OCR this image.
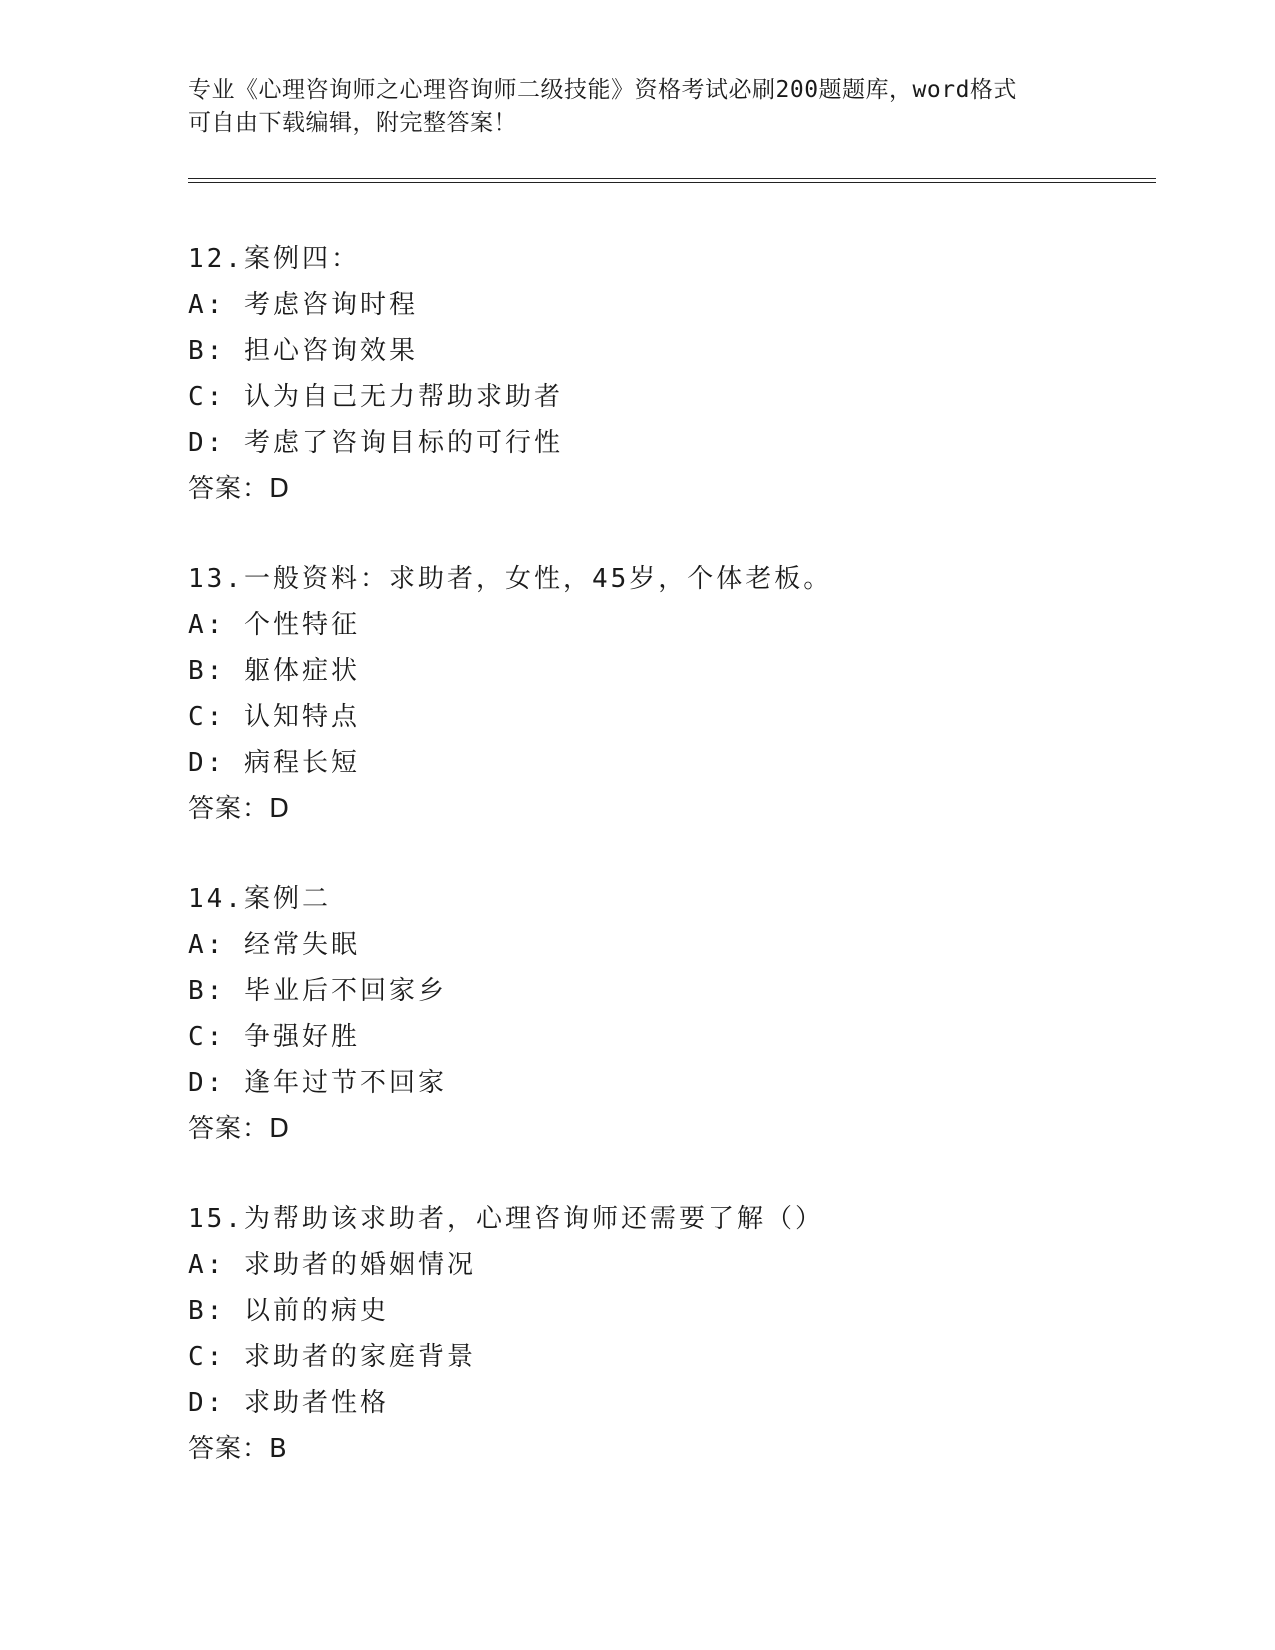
专业《心理咨询师之心理咨询师二级技能》资格考试必刷200题题库，word格式
可自由下载编辑，附完整答案！
12.案例四：
A: 考虑咨询时程
B: 担心咨询效果
C: 认为自己无力帮助求助者
D: 考虑了咨询目标的可行性
答案：D
13.一般资料：求助者，女性，45岁，个体老板。
A: 个性特征
B: 躯体症状
C: 认知特点
D: 病程长短
答案：D
14.案例二
A: 经常失眠
B: 毕业后不回家乡
C: 争强好胜
D: 逢年过节不回家
答案：D
15.为帮助该求助者，心理咨询师还需要了解（）
A: 求助者的婚姻情况
B: 以前的病史
C: 求助者的家庭背景
D: 求助者性格
答案：B
